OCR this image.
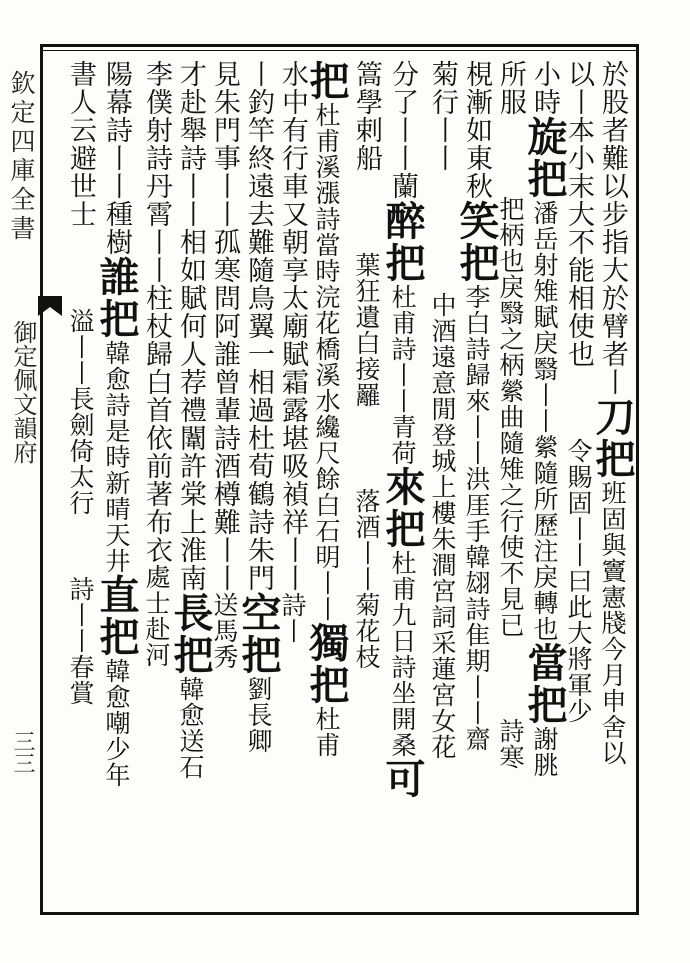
欽定四庫全書
御定佩文韻府
三三
於股者難以步指大於臂者丨刀把班固與竇憲牋今月申舍以
以丨本小末大不能相使也令賜固丨丨曰此大將軍少
小時旋把潘岳射雉賦戾翳丨丨縈隨所歷注戾轉也當把謝朓
所服把柄也戾翳之柄縈曲隨雉之行使不見已詩寒
梘漸如東秋笑把李白詩歸來丨丨洪厓手韓翃詩隹期丨丨齋
菊行丨丨中酒遠意閒登城上樓朱澗宮詞采蓮宮女花
分了丨丨蘭醉把杜甫詩丨丨青荷來把杜甫九日詩坐開桑可
篙學剌船葉狂遺白接䍦落酒丨丨菊花枝
把杜甫溪漲詩當時浣花橋溪水纔尺餘白石明丨丨獨把杜甫
水中有行車又朝享太廟賦霜露堪吸禎祥丨丨詩丨
丨釣竿終遠去難隨鳥翼一相過杜荀鶴詩朱門空把劉長卿
見朱門事丨丨孤寒問阿誰曾輩詩酒樽難丨丨送馬秀
才赴舉詩丨丨相如賦何人荐禮闈許棠上淮南長把韓愈送石
李僕射詩丹霄丨丨柱杖歸白首依前著布衣處士赴河
陽幕詩丨丨種樹誰把韓愈詩是時新晴天井直把韓愈嘲少年
書人云避世士溢丨丨長劍倚太行詩丨丨春賞
